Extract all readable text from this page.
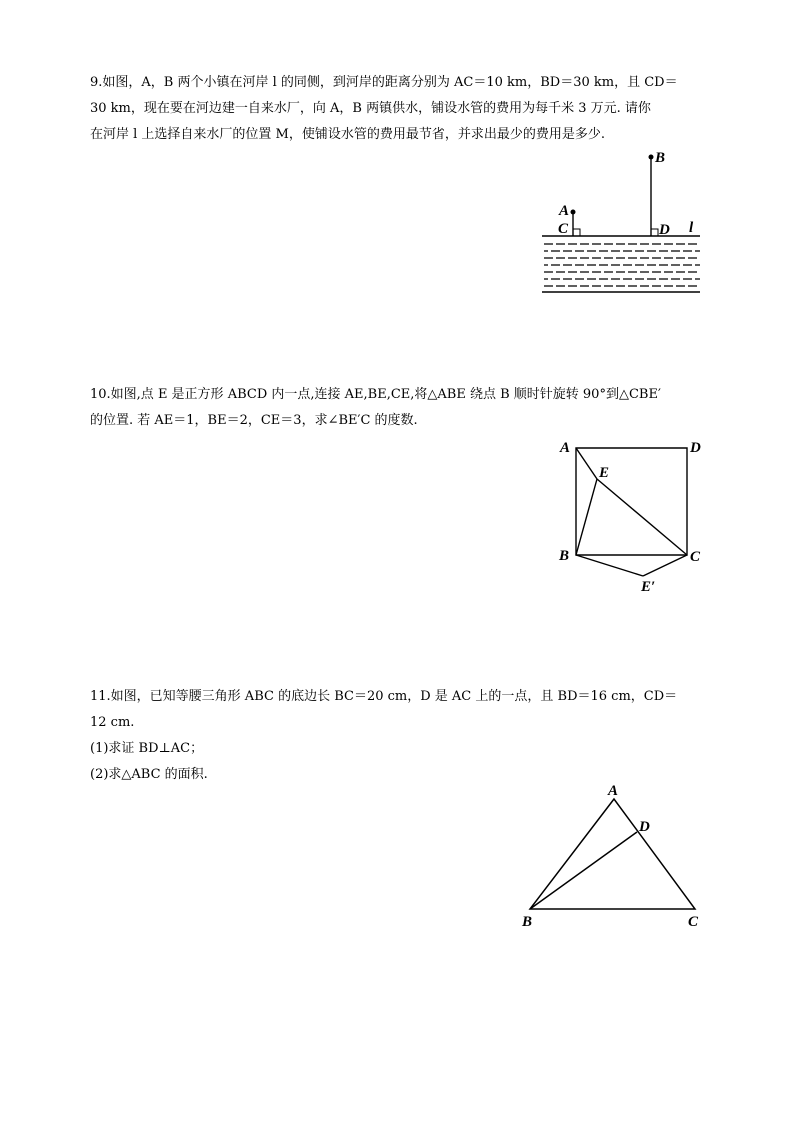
9.如图，A，B 两个小镇在河岸 l 的同侧，到河岸的距离分别为 AC＝10 km，BD＝30 km，且 CD＝

30 km，现在要在河边建一自来水厂，向 A，B 两镇供水，铺设水管的费用为每千米 3 万元. 请你

在河岸 l 上选择自来水厂的位置 M，使铺设水管的费用最节省，并求出最少的费用是多少.

B
A
C	D l

10.如图,点 E 是正方形 ABCD 内一点,连接 AE,BE,CE,将△ABE 绕点 B 顺时针旋转 90°到△CBE′

的位置. 若 AE＝1，BE＝2，CE＝3，求∠BE′C 的度数.

A	D
E
B	C
E′

11.如图，已知等腰三角形 ABC 的底边长 BC＝20 cm，D 是 AC 上的一点，且 BD＝16 cm，CD＝

12 cm.

(1)求证 BD⊥AC；

(2)求△ABC 的面积.

A
D
B	C
